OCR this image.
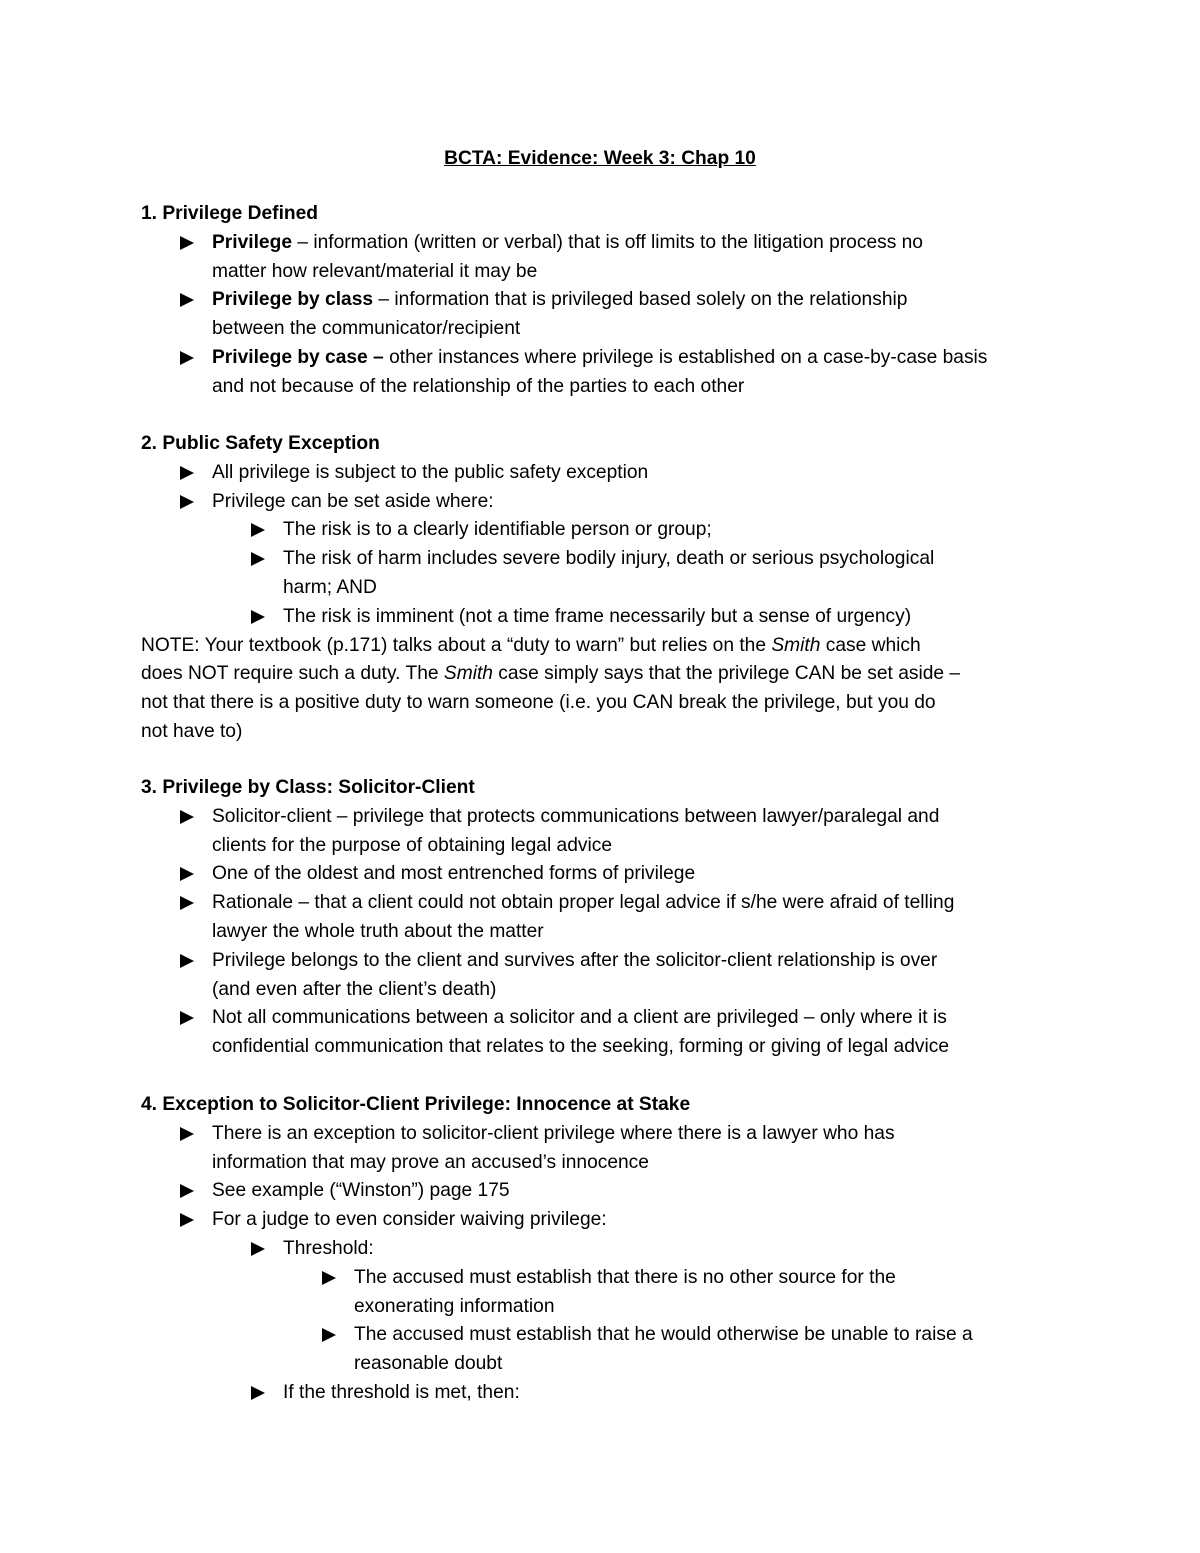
BCTA: Evidence: Week 3: Chap 10
1. Privilege Defined
Privilege – information (written or verbal) that is off limits to the litigation process no
matter how relevant/material it may be
Privilege by class – information that is privileged based solely on the relationship
between the communicator/recipient
Privilege by case – other instances where privilege is established on a case-by-case basis
and not because of the relationship of the parties to each other
2. Public Safety Exception
All privilege is subject to the public safety exception
Privilege can be set aside where:
The risk is to a clearly identifiable person or group;
The risk of harm includes severe bodily injury, death or serious psychological
harm; AND
The risk is imminent (not a time frame necessarily but a sense of urgency)
NOTE: Your textbook (p.171) talks about a “duty to warn” but relies on the Smith case which
does NOT require such a duty. The Smith case simply says that the privilege CAN be set aside –
not that there is a positive duty to warn someone (i.e. you CAN break the privilege, but you do
not have to)
3. Privilege by Class: Solicitor-Client
Solicitor-client – privilege that protects communications between lawyer/paralegal and
clients for the purpose of obtaining legal advice
One of the oldest and most entrenched forms of privilege
Rationale – that a client could not obtain proper legal advice if s/he were afraid of telling
lawyer the whole truth about the matter
Privilege belongs to the client and survives after the solicitor-client relationship is over
(and even after the client’s death)
Not all communications between a solicitor and a client are privileged – only where it is
confidential communication that relates to the seeking, forming or giving of legal advice
4. Exception to Solicitor-Client Privilege: Innocence at Stake
There is an exception to solicitor-client privilege where there is a lawyer who has
information that may prove an accused’s innocence
See example (“Winston”) page 175
For a judge to even consider waiving privilege:
Threshold:
The accused must establish that there is no other source for the
exonerating information
The accused must establish that he would otherwise be unable to raise a
reasonable doubt
If the threshold is met, then:
